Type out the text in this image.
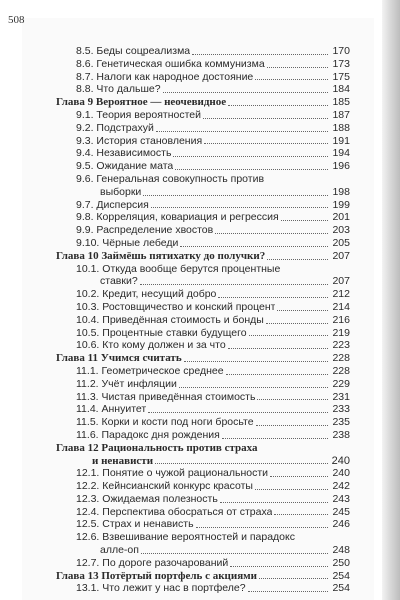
508
8.5. Беды соцреализма	170
8.6. Генетическая ошибка коммунизма	173
8.7. Налоги как народное достояние	175
8.8. Что дальше?	184
Глава 9 Вероятное — неочевидное	185
9.1. Теория вероятностей	187
9.2. Подстрахуй	188
9.3. История становления	191
9.4. Независимость	194
9.5. Ожидание мата	196
9.6. Генеральная совокупность против
выборки	198
9.7. Дисперсия	199
9.8. Корреляция, ковариация и регрессия	201
9.9. Распределение хвостов	203
9.10. Чёрные лебеди	205
Глава 10 Займёшь пятихатку до получки?	207
10.1. Откуда вообще берутся процентные
ставки?	207
10.2. Кредит, несущий добро	212
10.3. Ростовщичество и конский процент	214
10.4. Приведённая стоимость и бонды	216
10.5. Процентные ставки будущего	219
10.6. Кто кому должен и за что	223
Глава 11 Учимся считать	228
11.1. Геометрическое среднее	228
11.2. Учёт инфляции	229
11.3. Чистая приведённая стоимость	231
11.4. Аннуитет	233
11.5. Корки и кости под ноги бросьте	235
11.6. Парадокс дня рождения	238
Глава 12 Рациональность против страха
и ненависти	240
12.1. Понятие о чужой рациональности	240
12.2. Кейнсианский конкурс красоты	242
12.3. Ожидаемая полезность	243
12.4. Перспектива обосраться от страха	245
12.5. Страх и ненависть	246
12.6. Взвешивание вероятностей и парадокс
алле-оп	248
12.7. По дороге разочарований	250
Глава 13 Потёртый портфель с акциями	254
13.1. Что лежит у нас в портфеле?	254
